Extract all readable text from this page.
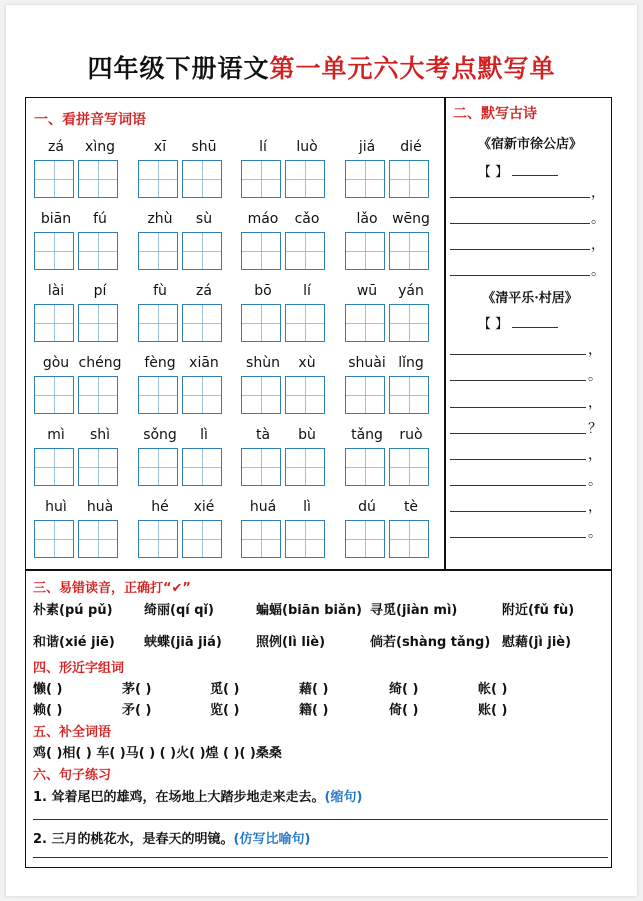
四年级下册语文第一单元六大考点默写单
一、看拼音写词语	二、默写古诗
zá	xìng	xī	shū	lí	luò	jiá	dié
biān	fú	zhù	sù	máo	cǎo	lǎo	wēng
lài	pí	fù	zá	bō	lí	wū	yán
gòu chéng	fèng xiān	shùn	xù	shuài lǐng
mì	shì	sǒng	lì	tà	bù	tǎng	ruò
huì	huà	hé	xié	huá	lì	dú	tè
《宿新市徐公店》
【 】
，
。
，
。
《清平乐·村居》
【 】
，
。
，
？
，
。
，
。
三、易错读音，正确打“✔”
朴素(pú pǔ) 绮丽(qí qǐ)	蝙蝠(biān biǎn) 寻觅(jiàn mì)	附近(fǔ fù)
和谐(xié jiē) 蛱蝶(jiā jiá)	照例(lì liè)	倘若(shàng tǎng) 慰藉(jì jiè)
四、形近字组词
懒( )	茅( )	觅( )	藉( )	绮( )	帐( )
赖( )	矛( )	览( )	籍( )	倚( )	账( )
五、补全词语
鸡( )相( ) 车( )马( ) ( )火( )煌 ( )( )桑桑
六、句子练习
1. 耸着尾巴的雄鸡，在场地上大踏步地走来走去。(缩句)
2. 三月的桃花水，是春天的明镜。(仿写比喻句)
